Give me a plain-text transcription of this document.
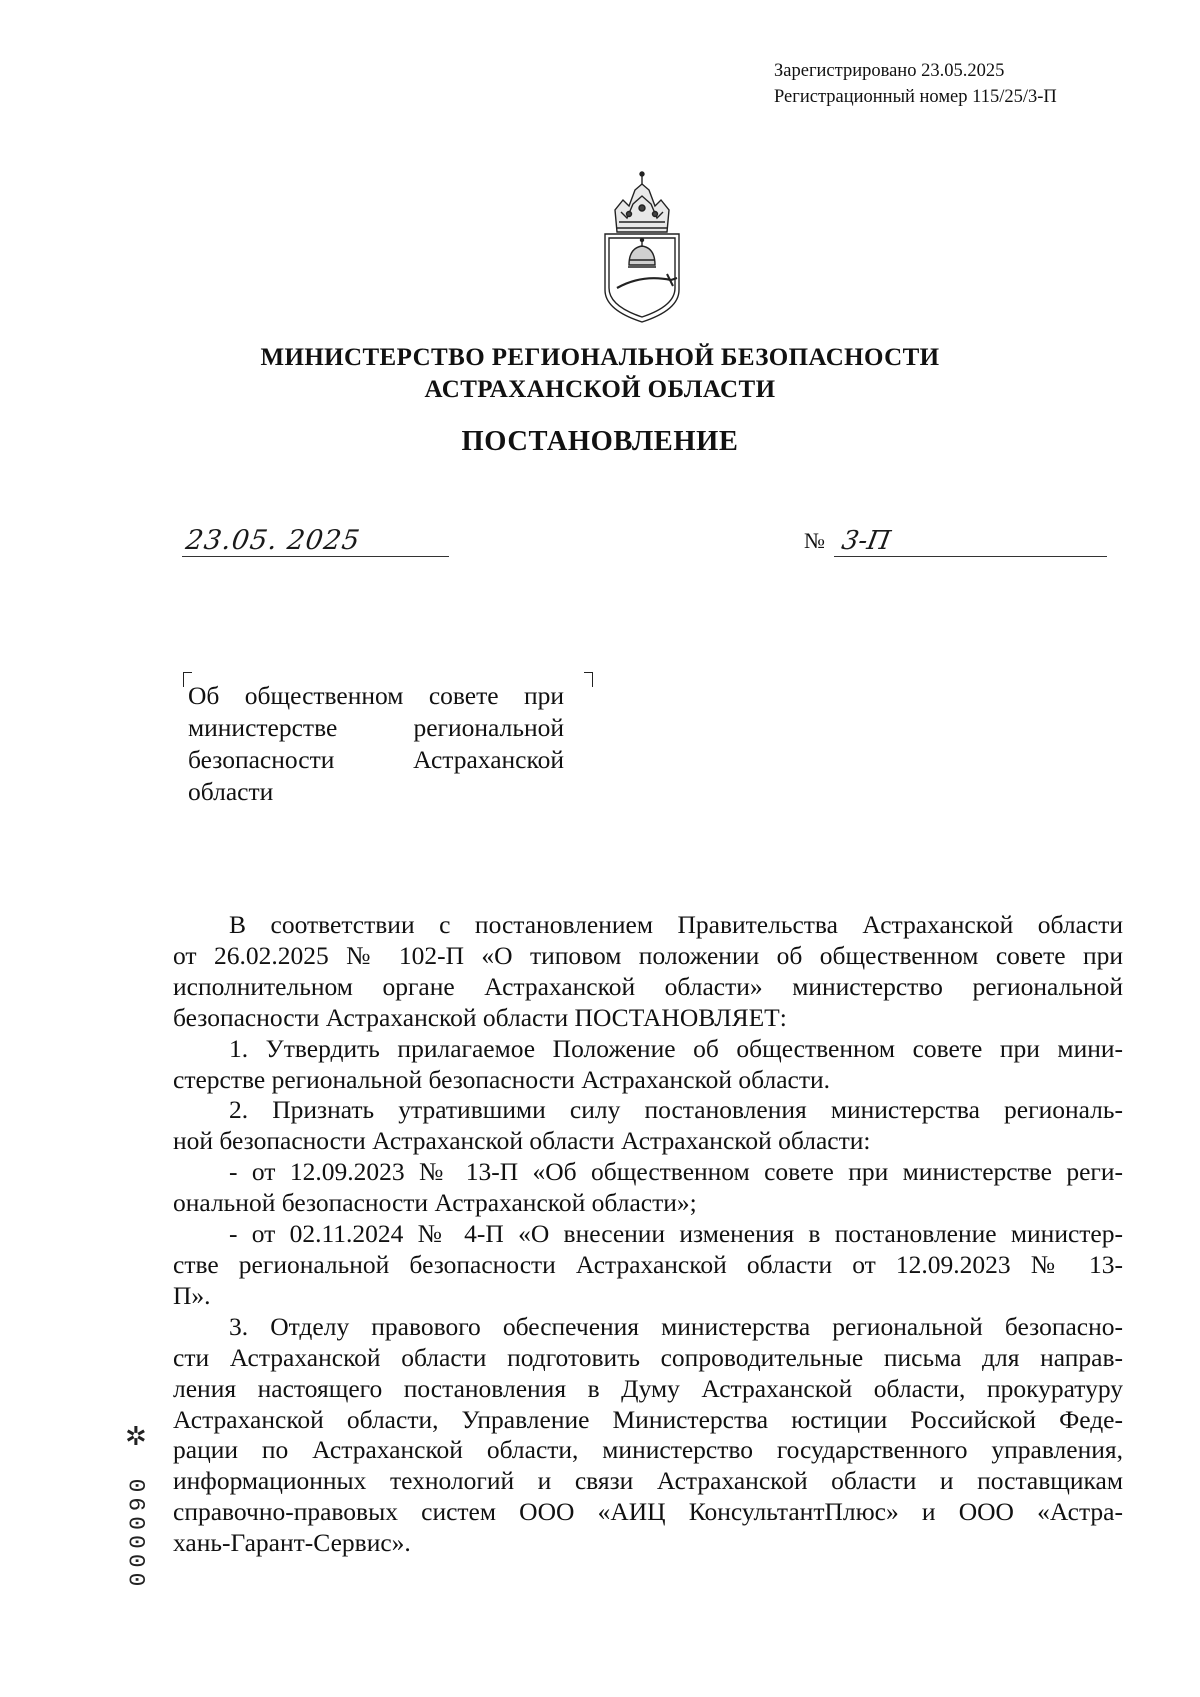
Зарегистрировано 23.05.2025
Регистрационный номер 115/25/3-П
МИНИСТЕРСТВО РЕГИОНАЛЬНОЙ БЕЗОПАСНОСТИ
АСТРАХАНСКОЙ ОБЛАСТИ
ПОСТАНОВЛЕНИЕ
23.05. 2025	№ 3-П
Об общественном совете при
министерстве региональной
безопасности Астраханской
области
В соответствии с постановлением Правительства Астраханской области
от 26.02.2025 № 102-П «О типовом положении об общественном совете при
исполнительном органе Астраханской области» министерство региональной
безопасности Астраханской области ПОСТАНОВЛЯЕТ:
1. Утвердить прилагаемое Положение об общественном совете при мини-
стерстве региональной безопасности Астраханской области.
2. Признать утратившими силу постановления министерства региональ-
ной безопасности Астраханской области Астраханской области:
- от 12.09.2023 № 13-П «Об общественном совете при министерстве реги-
ональной безопасности Астраханской области»;
- от 02.11.2024 № 4-П «О внесении изменения в постановление министер-
стве региональной безопасности Астраханской области от 12.09.2023 № 13-
П».
3. Отделу правового обеспечения министерства региональной безопасно-
сти Астраханской области подготовить сопроводительные письма для направ-
ления настоящего постановления в Думу Астраханской области, прокуратуру
Астраханской области, Управление Министерства юстиции Российской Феде-
рации по Астраханской области, министерство государственного управления,
информационных технологий и связи Астраханской области и поставщикам
справочно-правовых систем ООО «АИЦ КонсультантПлюс» и ООО «Астра-
хань-Гарант-Сервис».
✲
000090
